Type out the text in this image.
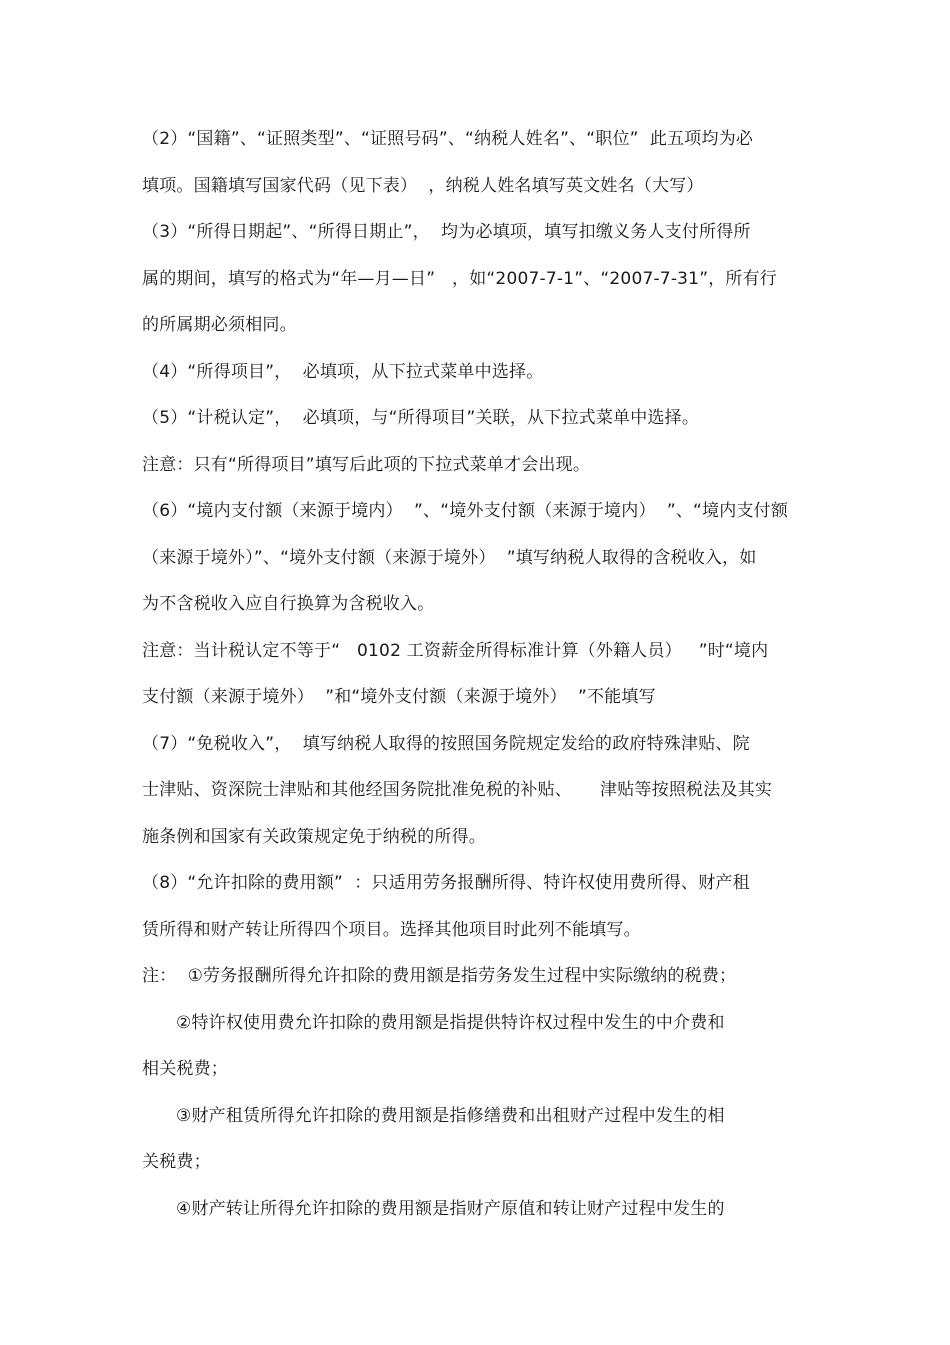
（2）“国籍”、“证照类型”、“证照号码”、“纳税人姓名”、“职位”  此五项均为必
填项。国籍填写国家代码（见下表）  ，纳税人姓名填写英文姓名（大写）
（3）“所得日期起”、“所得日期止”，  均为必填项，填写扣缴义务人支付所得所
属的期间，填写的格式为“年—月—日”   ，如“2007-7-1”、“2007-7-31”，所有行
的所属期必须相同。
（4）“所得项目”，  必填项，从下拉式菜单中选择。
（5）“计税认定”，  必填项，与“所得项目”关联，从下拉式菜单中选择。
注意：只有“所得项目”填写后此项的下拉式菜单才会出现。
（6）“境内支付额（来源于境内）  ”、“境外支付额（来源于境内）  ”、“境内支付额
（来源于境外）”、“境外支付额（来源于境外）  ”填写纳税人取得的含税收入，如
为不含税收入应自行换算为含税收入。
注意：当计税认定不等于“   0102 工资薪金所得标准计算（外籍人员）   ”时“境内
支付额（来源于境外）  ”和“境外支付额（来源于境外）  ”不能填写
（7）“免税收入”，  填写纳税人取得的按照国务院规定发给的政府特殊津贴、院
士津贴、资深院士津贴和其他经国务院批准免税的补贴、     津贴等按照税法及其实
施条例和国家有关政策规定免于纳税的所得。
（8）“允许扣除的费用额”  ：只适用劳务报酬所得、特许权使用费所得、财产租
赁所得和财产转让所得四个项目。选择其他项目时此列不能填写。
注：  ①劳务报酬所得允许扣除的费用额是指劳务发生过程中实际缴纳的税费；
②特许权使用费允许扣除的费用额是指提供特许权过程中发生的中介费和
相关税费；
③财产租赁所得允许扣除的费用额是指修缮费和出租财产过程中发生的相
关税费；
④财产转让所得允许扣除的费用额是指财产原值和转让财产过程中发生的
